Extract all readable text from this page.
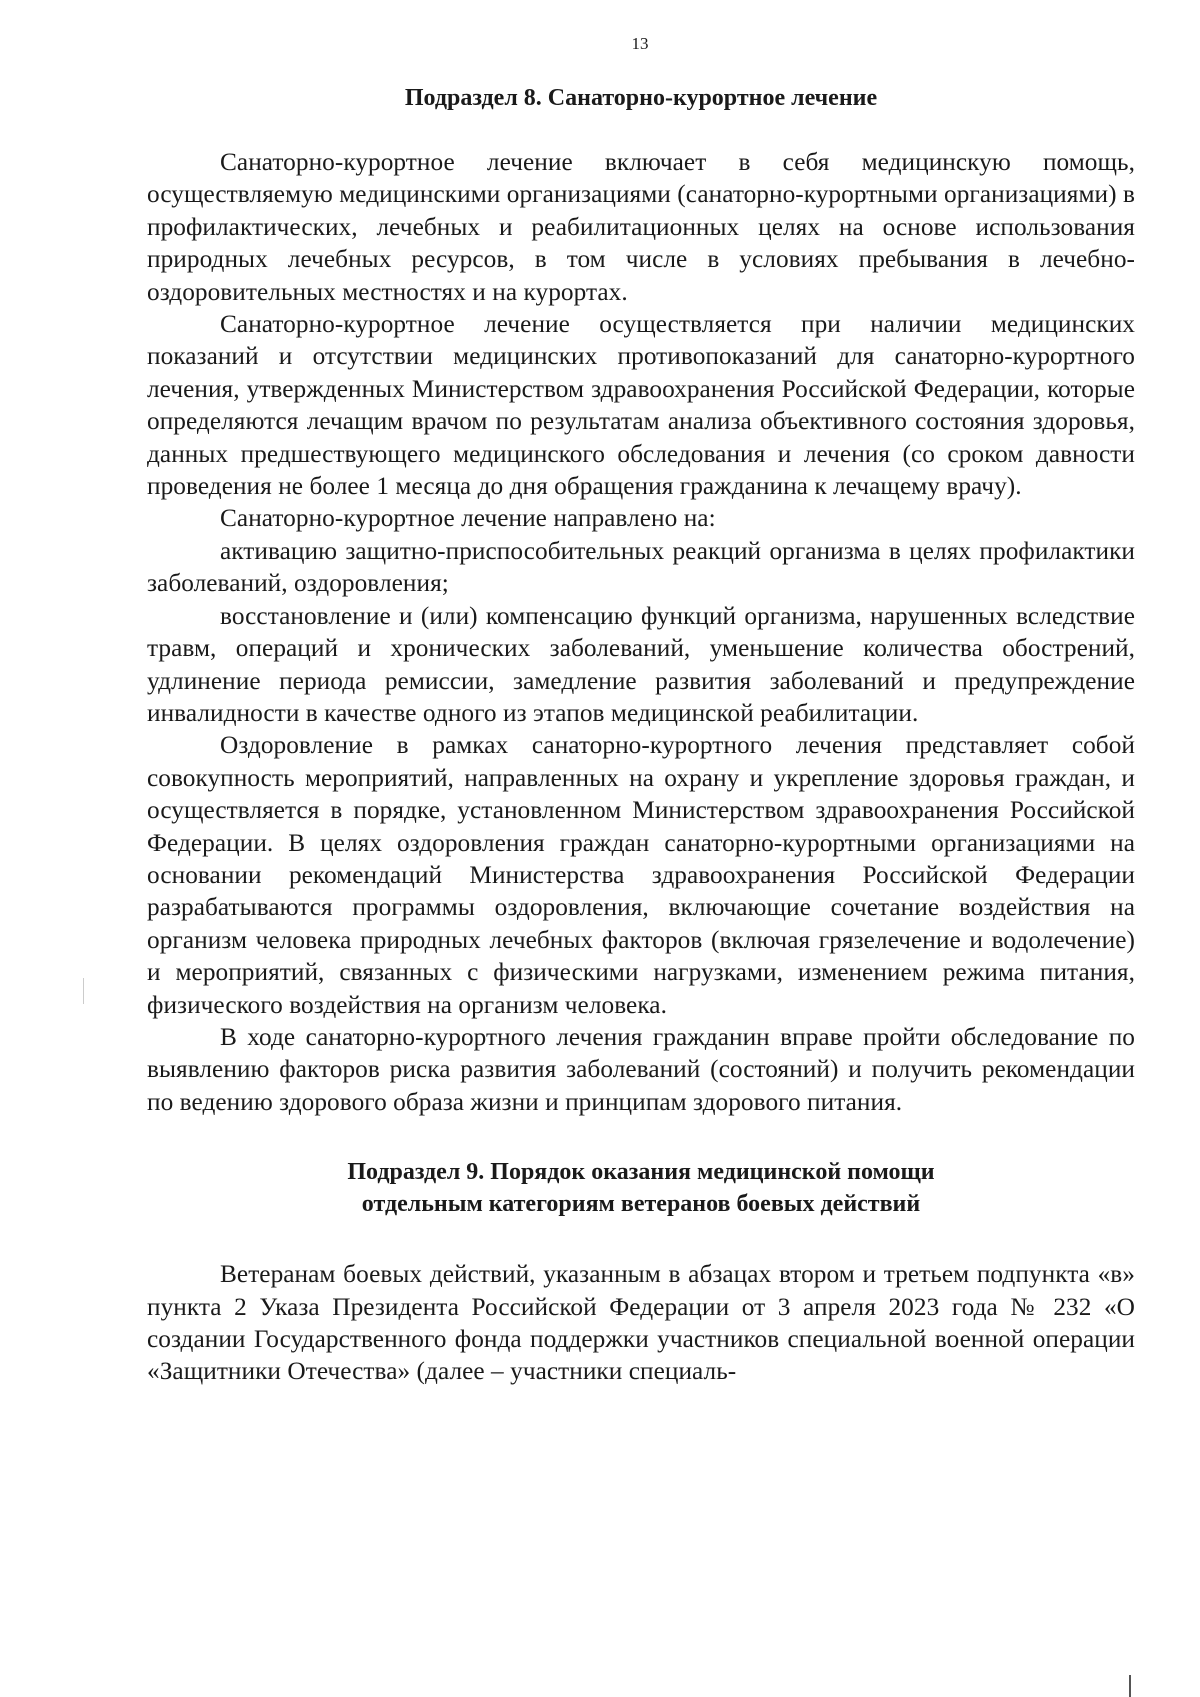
13
Подраздел 8. Санаторно-курортное лечение

Санаторно-курортное лечение включает в себя медицинскую помощь, осуществляемую медицинскими организациями (санаторно-курортными организациями) в профилактических, лечебных и реабилитационных целях на основе использования природных лечебных ресурсов, в том числе в условиях пребывания в лечебно-оздоровительных местностях и на курортах.

Санаторно-курортное лечение осуществляется при наличии медицинских показаний и отсутствии медицинских противопоказаний для санаторно-курортного лечения, утвержденных Министерством здравоохранения Российской Федерации, которые определяются лечащим врачом по результатам анализа объективного состояния здоровья, данных предшествующего медицинского обследования и лечения (со сроком давности проведения не более 1 месяца до дня обращения гражданина к лечащему врачу).

Санаторно-курортное лечение направлено на:

активацию защитно-приспособительных реакций организма в целях профилактики заболеваний, оздоровления;

восстановление и (или) компенсацию функций организма, нарушенных вследствие травм, операций и хронических заболеваний, уменьшение количества обострений, удлинение периода ремиссии, замедление развития заболеваний и предупреждение инвалидности в качестве одного из этапов медицинской реабилитации.

Оздоровление в рамках санаторно-курортного лечения представляет собой совокупность мероприятий, направленных на охрану и укрепление здоровья граждан, и осуществляется в порядке, установленном Министерством здравоохранения Российской Федерации. В целях оздоровления граждан санаторно-курортными организациями на основании рекомендаций Министерства здравоохранения Российской Федерации разрабатываются программы оздоровления, включающие сочетание воздействия на организм человека природных лечебных факторов (включая грязелечение и водолечение) и мероприятий, связанных с физическими нагрузками, изменением режима питания, физического воздействия на организм человека.

В ходе санаторно-курортного лечения гражданин вправе пройти обследование по выявлению факторов риска развития заболеваний (состояний) и получить рекомендации по ведению здорового образа жизни и принципам здорового питания.

Подраздел 9. Порядок оказания медицинской помощи
отдельным категориям ветеранов боевых действий

Ветеранам боевых действий, указанным в абзацах втором и третьем подпункта «в» пункта 2 Указа Президента Российской Федерации от 3 апреля 2023 года № 232 «О создании Государственного фонда поддержки участников специальной военной операции «Защитники Отечества» (далее – участники специаль-
